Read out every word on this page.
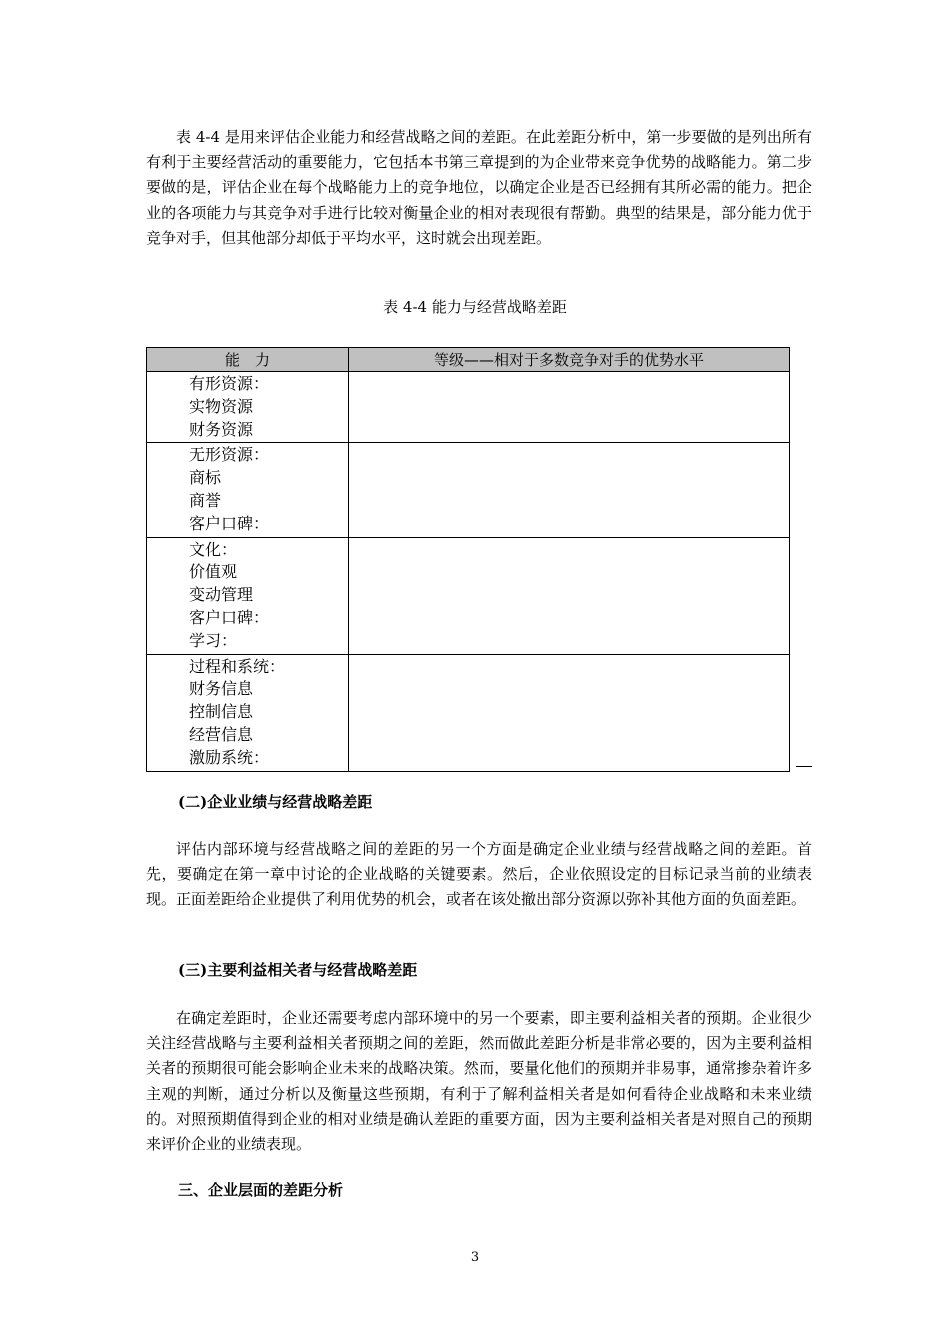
表 4-4 是用来评估企业能力和经营战略之间的差距。在此差距分析中，第一步要做的是列出所有有利于主要经营活动的重要能力，它包括本书第三章提到的为企业带来竞争优势的战略能力。第二步要做的是，评估企业在每个战略能力上的竞争地位，以确定企业是否已经拥有其所必需的能力。把企业的各项能力与其竞争对手进行比较对衡量企业的相对表现很有帮勤。典型的结果是，部分能力优于竞争对手，但其他部分却低于平均水平，这时就会出现差距。

表 4-4 能力与经营战略差距
能　力	等级——相对于多数竞争对手的优势水平

有形资源：
实物资源
财务资源	

无形资源：
商标
商誉
客户口碑：	

文化：
价值观
变动管理
客户口碑：
学习：	

过程和系统：
财务信息
控制信息
经营信息
激励系统：	

(二)企业业绩与经营战略差距

评估内部环境与经营战略之间的差距的另一个方面是确定企业业绩与经营战略之间的差距。首先，要确定在第一章中讨论的企业战略的关键要素。然后，企业依照设定的目标记录当前的业绩表现。正面差距给企业提供了利用优势的机会，或者在该处撤出部分资源以弥补其他方面的负面差距。

(三)主要利益相关者与经营战略差距

在确定差距时，企业还需要考虑内部环境中的另一个要素，即主要利益相关者的预期。企业很少关注经营战略与主要利益相关者预期之间的差距，然而做此差距分析是非常必要的，因为主要利益相关者的预期很可能会影响企业未来的战略决策。然而，要量化他们的预期并非易事，通常掺杂着许多主观的判断，通过分析以及衡量这些预期，有利于了解利益相关者是如何看待企业战略和未来业绩的。对照预期值得到企业的相对业绩是确认差距的重要方面，因为主要利益相关者是对照自己的预期来评价企业的业绩表现。

三、企业层面的差距分析
3
